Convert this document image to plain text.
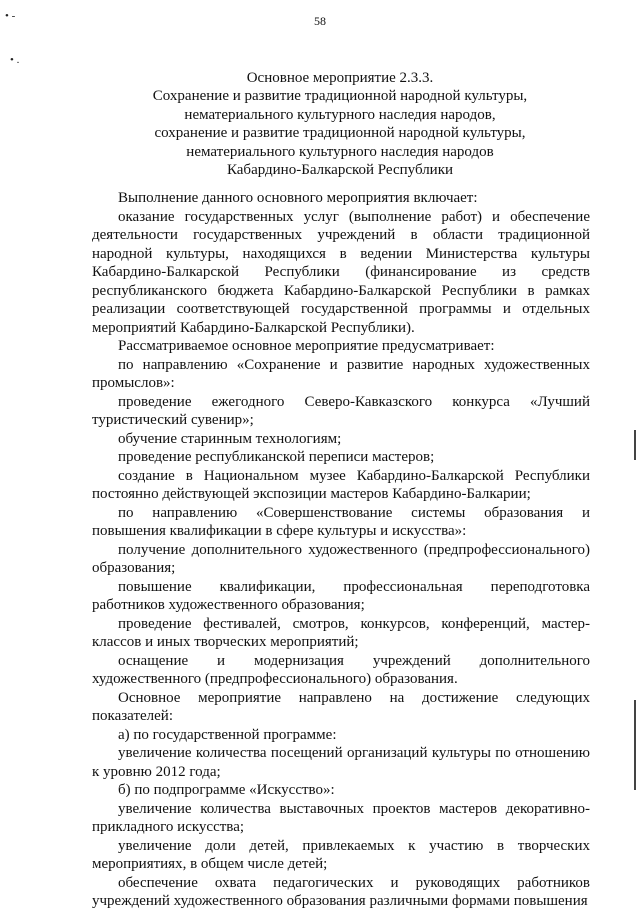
58
• -
• .
Основное мероприятие 2.3.3.
Сохранение и развитие традиционной народной культуры,
нематериального культурного наследия народов,
сохранение и развитие традиционной народной культуры,
нематериального культурного наследия народов
Кабардино-Балкарской Республики

Выполнение данного основного мероприятия включает:

оказание государственных услуг (выполнение работ) и обеспечение деятельности государственных учреждений в области традиционной народной культуры, находящихся в ведении Министерства культуры Кабардино-Балкарской Республики (финансирование из средств республиканского бюджета Кабардино-Балкарской Республики в рамках реализации соответствующей государственной программы и отдельных мероприятий Кабардино-Балкарской Республики).

Рассматриваемое основное мероприятие предусматривает:

по направлению «Сохранение и развитие народных художественных промыслов»:

проведение ежегодного Северо-Кавказского конкурса «Лучший туристический сувенир»;

обучение старинным технологиям;

проведение республиканской переписи мастеров;

создание в Национальном музее Кабардино-Балкарской Республики постоянно действующей экспозиции мастеров Кабардино-Балкарии;

по направлению «Совершенствование системы образования и повышения квалификации в сфере культуры и искусства»:

получение дополнительного художественного (предпрофессионального) образования;

повышение квалификации, профессиональная переподготовка работников художественного образования;

проведение фестивалей, смотров, конкурсов, конференций, мастер-классов и иных творческих мероприятий;

оснащение и модернизация учреждений дополнительного художественного (предпрофессионального) образования.

Основное мероприятие направлено на достижение следующих показателей:

а) по государственной программе:

увеличение количества посещений организаций культуры по отношению к уровню 2012 года;

б) по подпрограмме «Искусство»:

увеличение количества выставочных проектов мастеров декоративно-прикладного искусства;

увеличение доли детей, привлекаемых к участию в творческих мероприятиях, в общем числе детей;

обеспечение охвата педагогических и руководящих работников учреждений художественного образования различными формами повышения
